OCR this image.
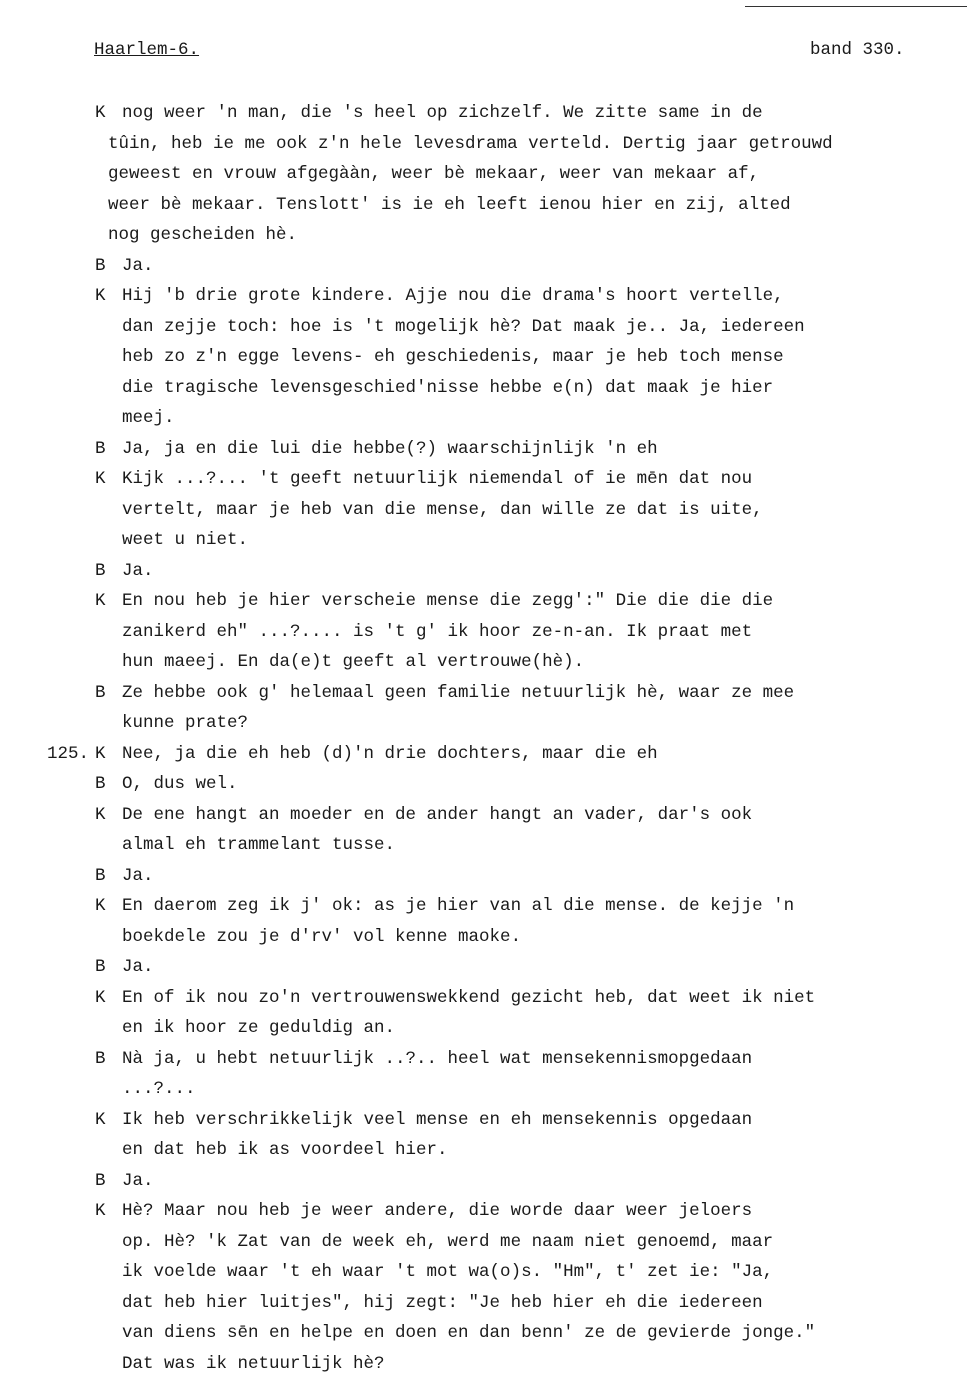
Haarlem-6.	band 330.
K nog weer 'n man, die 's heel op zichzelf. We zitte same in de
tûin, heb ie me ook z'n hele levesdrama verteld. Dertig jaar getrouwd
geweest en vrouw afgegààn, weer bè mekaar, weer van mekaar af,
weer bè mekaar. Tenslott' is ie eh leeft ienou hier en zij, alted
nog gescheiden hè.
B Ja.
K Hij 'b drie grote kindere. Ajje nou die drama's hoort vertelle,
dan zejje toch: hoe is 't mogelijk hè? Dat maak je.. Ja, iedereen
heb zo z'n egge levens- eh geschiedenis, maar je heb toch mense
die tragische levensgeschied'nisse hebbe e(n) dat maak je hier
meej.
B Ja, ja en die lui die hebbe(?) waarschijnlijk 'n eh
K Kijk ...?... 't geeft netuurlijk niemendal of ie mēn dat nou
vertelt, maar je heb van die mense, dan wille ze dat is uite,
weet u niet.
B Ja.
K En nou heb je hier verscheie mense die zegg':" Die die die die
zanikerd eh" ...?.... is 't g' ik hoor ze-n-an. Ik praat met
hun maeej. En da(e)t geeft al vertrouwe(hè).
B Ze hebbe ook g' helemaal geen familie netuurlijk hè, waar ze mee
kunne prate?
125. K Nee, ja die eh heb (d)'n drie dochters, maar die eh
B O, dus wel.
K De ene hangt an moeder en de ander hangt an vader, dar's ook
almal eh trammelant tusse.
B Ja.
K En daerom zeg ik j' ok: as je hier van al die mense. de kejje 'n
boekdele zou je d'rv' vol kenne maoke.
B Ja.
K En of ik nou zo'n vertrouwenswekkend gezicht heb, dat weet ik niet
en ik hoor ze geduldig an.
B Nà ja, u hebt netuurlijk ..?.. heel wat mensekennismopgedaan
...?...
K Ik heb verschrikkelijk veel mense en eh mensekennis opgedaan
en dat heb ik as voordeel hier.
B Ja.
K Hè? Maar nou heb je weer andere, die worde daar weer jeloers
op. Hè? 'k Zat van de week eh, werd me naam niet genoemd, maar
ik voelde waar 't eh waar 't mot wa(o)s. "Hm", t' zet ie: "Ja,
dat heb hier luitjes", hij zegt: "Je heb hier eh die iedereen
van diens sēn en helpe en doen en dan benn' ze de gevierde jonge."
Dat was ik netuurlijk hè?
